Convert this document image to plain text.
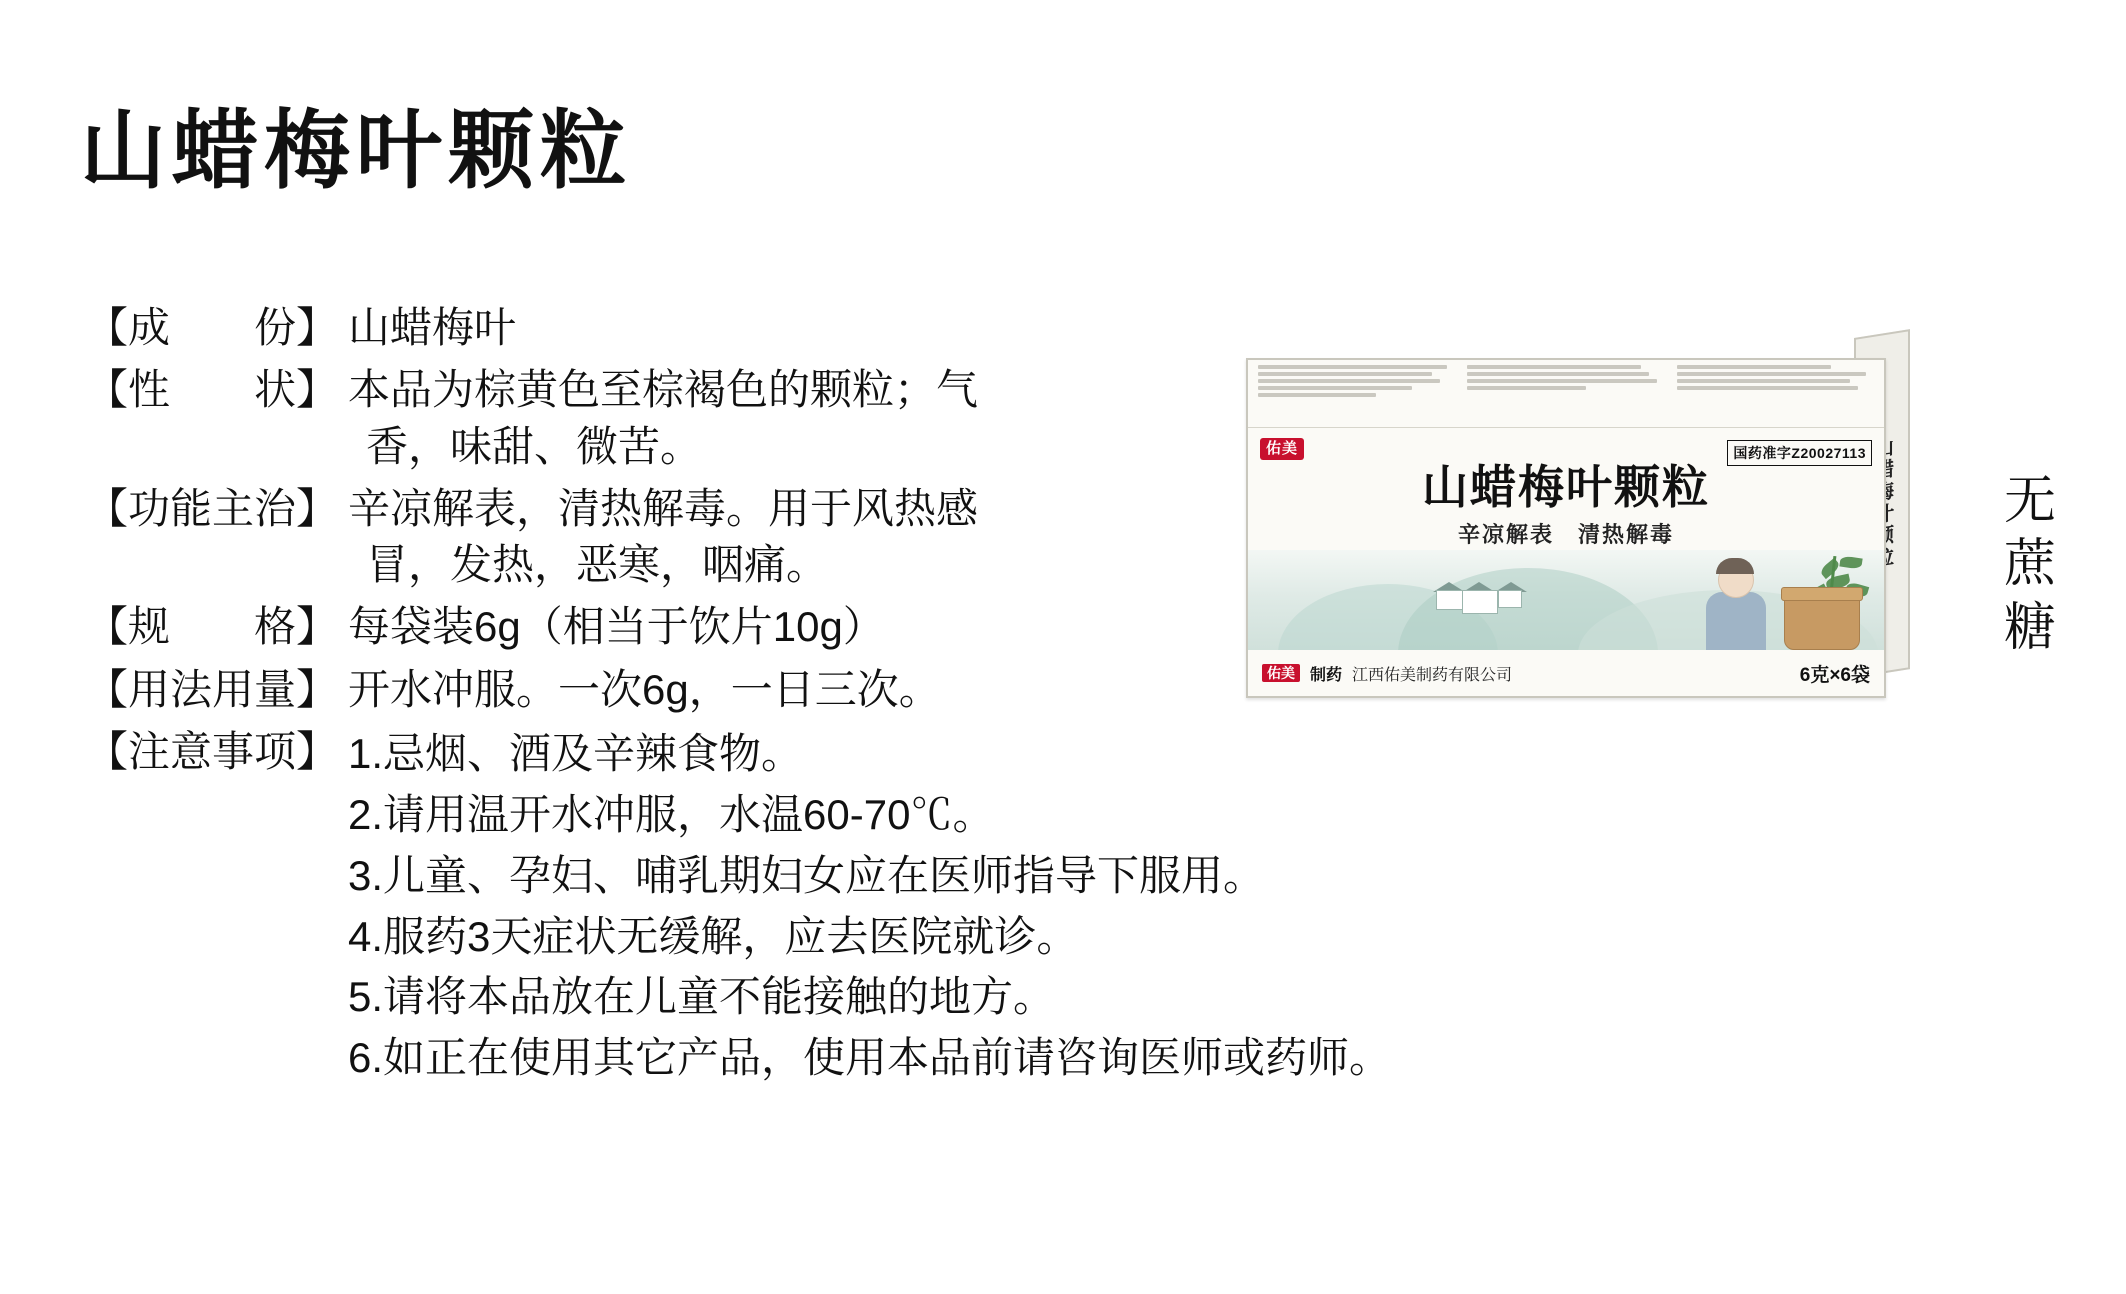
山蜡梅叶颗粒
【成　　份】 山蜡梅叶
【性　　状】 本品为棕黄色至棕褐色的颗粒；气
香，味甜、微苦。
【功能主治】 辛凉解表，清热解毒。用于风热感
冒，发热，恶寒，咽痛。
【规　　格】 每袋装6g（相当于饮片10g）
【用法用量】 开水冲服。一次6g，一日三次。
【注意事项】 1.忌烟、酒及辛辣食物。
2.请用温开水冲服，水温60-70℃。
3.儿童、孕妇、哺乳期妇女应在医师指导下服用。
4.服药3天症状无缓解，应去医院就诊。
5.请将本品放在儿童不能接触的地方。
6.如正在使用其它产品，使用本品前请咨询医师或药师。
佑美	国药准字Z20027113
山蜡梅叶颗粒
辛凉解表　清热解毒
佑美 制药 江西佑美制药有限公司	6克×6袋
无蔗糖
